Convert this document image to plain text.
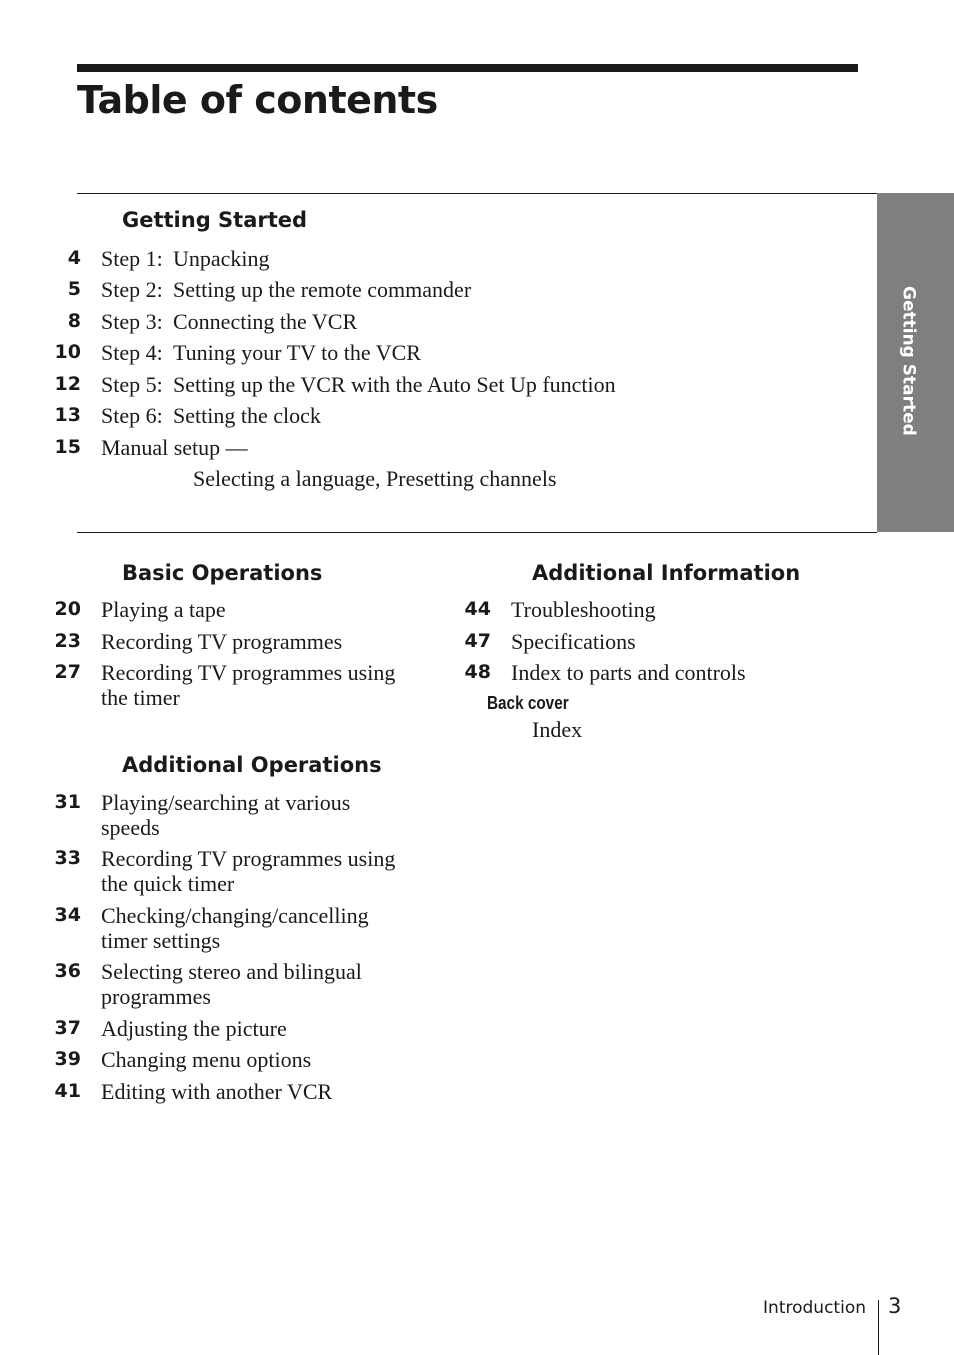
Table of contents
Getting Started
Getting Started
4 Step 1: Unpacking
5 Step 2: Setting up the remote commander
8 Step 3: Connecting the VCR
10 Step 4: Tuning your TV to the VCR
12 Step 5: Setting up the VCR with the Auto Set Up function
13 Step 6: Setting the clock
15 Manual setup —
Selecting a language, Presetting channels
Basic Operations
20 Playing a tape
23 Recording TV programmes
27 Recording TV programmes using
the timer
Additional Operations
31 Playing/searching at various
speeds
33 Recording TV programmes using
the quick timer
34 Checking/changing/cancelling
timer settings
36 Selecting stereo and bilingual
programmes
37 Adjusting the picture
39 Changing menu options
41 Editing with another VCR
Additional Information
44 Troubleshooting
47 Specifications
48 Index to parts and controls
Back cover
Index
Introduction 3
